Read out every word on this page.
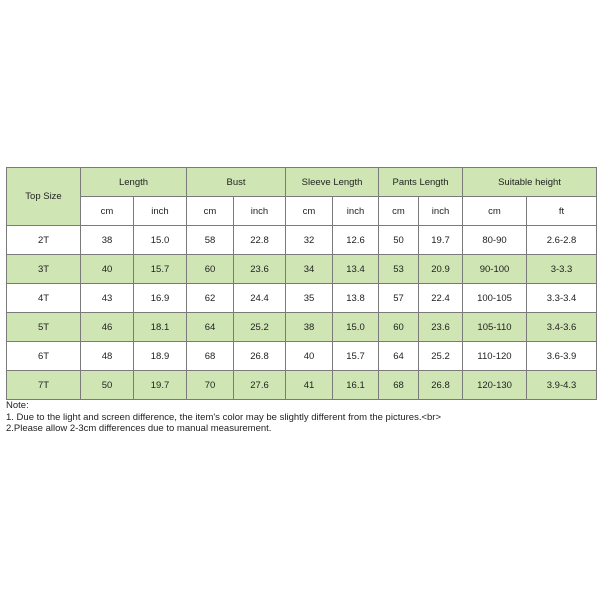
Top Size	Length		Bust		Sleeve Length		Pants Length		Suitable height	
	cm	inch	cm	inch	cm	inch	cm	inch	cm	ft
2T	38	15.0	58	22.8	32	12.6	50	19.7	80-90	2.6-2.8
3T	40	15.7	60	23.6	34	13.4	53	20.9	90-100	3-3.3
4T	43	16.9	62	24.4	35	13.8	57	22.4	100-105	3.3-3.4
5T	46	18.1	64	25.2	38	15.0	60	23.6	105-110	3.4-3.6
6T	48	18.9	68	26.8	40	15.7	64	25.2	110-120	3.6-3.9
7T	50	19.7	70	27.6	41	16.1	68	26.8	120-130	3.9-4.3
Note:
1. Due to the light and screen difference, the item's color may be slightly different from the pictures.<br>
2.Please allow 2-3cm differences due to manual measurement.
